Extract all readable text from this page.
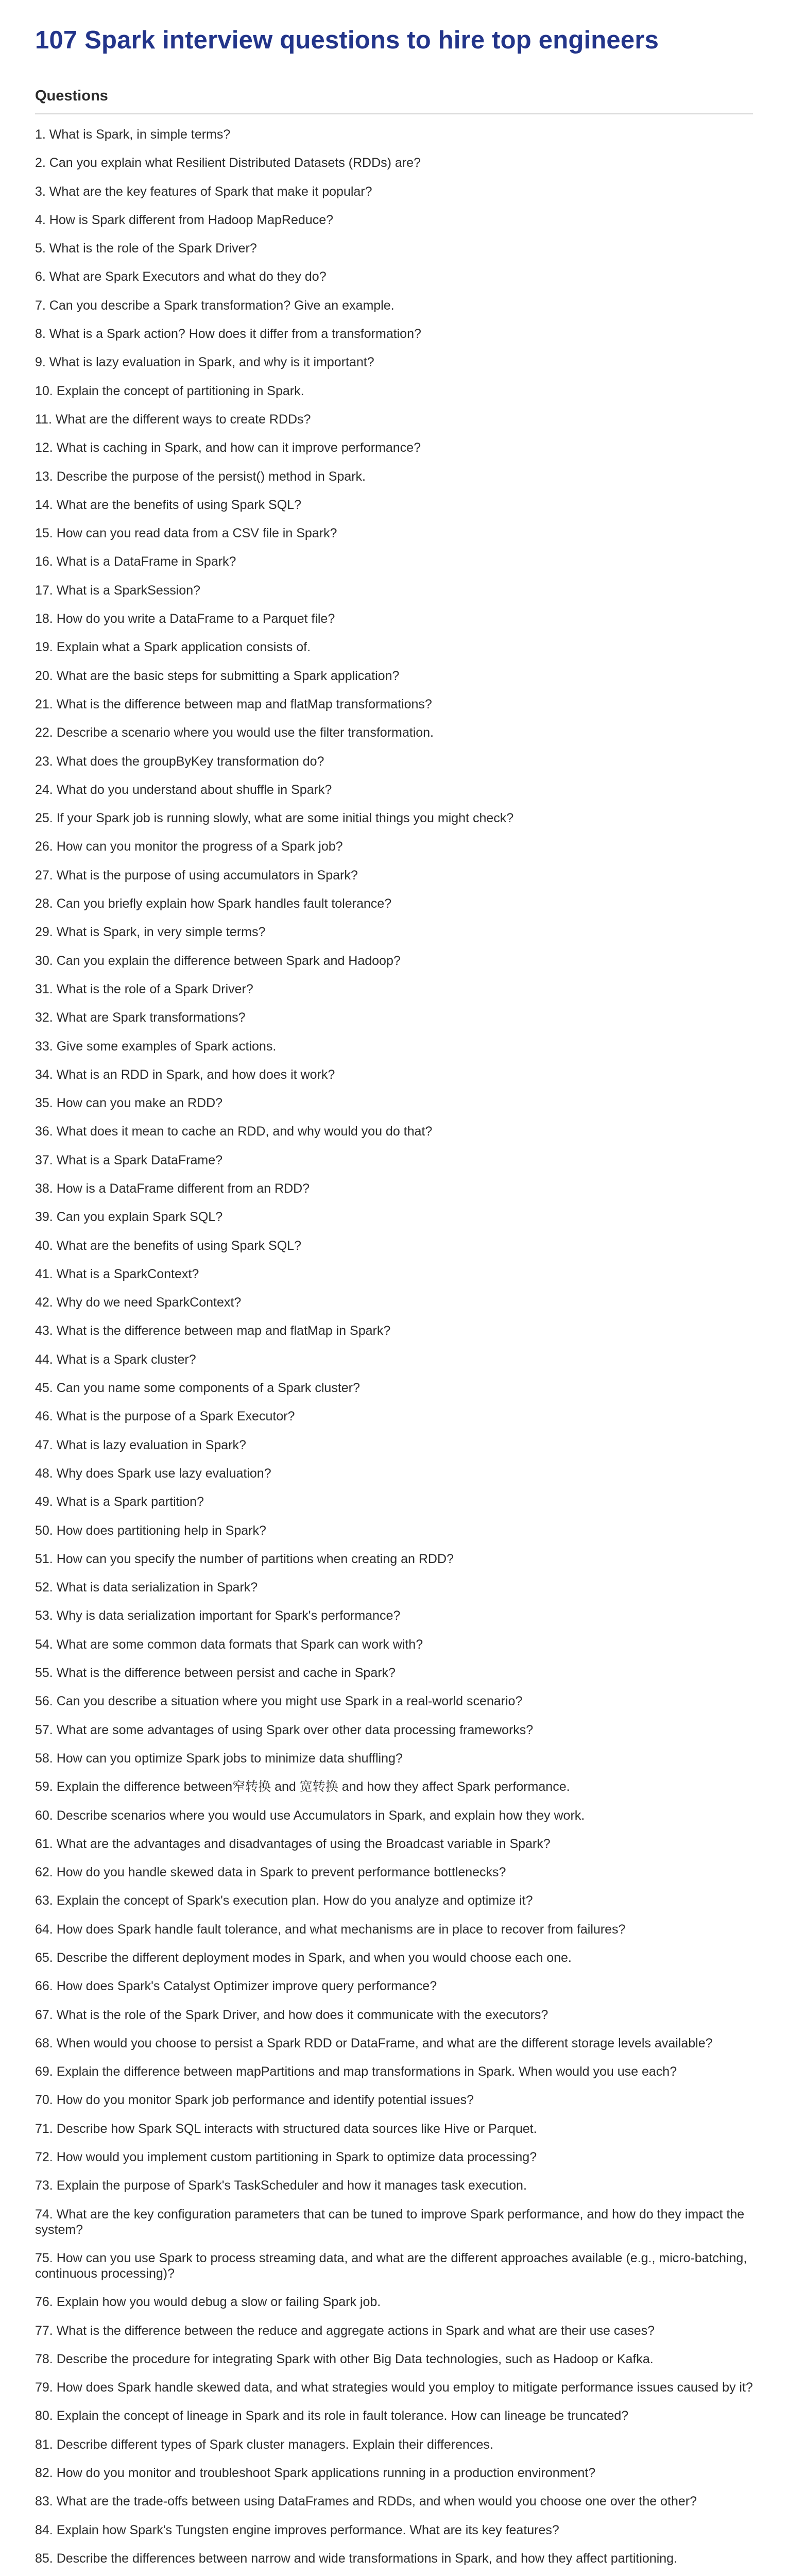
107 Spark interview questions to hire top engineers
Questions
1. What is Spark, in simple terms?
2. Can you explain what Resilient Distributed Datasets (RDDs) are?
3. What are the key features of Spark that make it popular?
4. How is Spark different from Hadoop MapReduce?
5. What is the role of the Spark Driver?
6. What are Spark Executors and what do they do?
7. Can you describe a Spark transformation? Give an example.
8. What is a Spark action? How does it differ from a transformation?
9. What is lazy evaluation in Spark, and why is it important?
10. Explain the concept of partitioning in Spark.
11. What are the different ways to create RDDs?
12. What is caching in Spark, and how can it improve performance?
13. Describe the purpose of the persist() method in Spark.
14. What are the benefits of using Spark SQL?
15. How can you read data from a CSV file in Spark?
16. What is a DataFrame in Spark?
17. What is a SparkSession?
18. How do you write a DataFrame to a Parquet file?
19. Explain what a Spark application consists of.
20. What are the basic steps for submitting a Spark application?
21. What is the difference between map and flatMap transformations?
22. Describe a scenario where you would use the filter transformation.
23. What does the groupByKey transformation do?
24. What do you understand about shuffle in Spark?
25. If your Spark job is running slowly, what are some initial things you might check?
26. How can you monitor the progress of a Spark job?
27. What is the purpose of using accumulators in Spark?
28. Can you briefly explain how Spark handles fault tolerance?
29. What is Spark, in very simple terms?
30. Can you explain the difference between Spark and Hadoop?
31. What is the role of a Spark Driver?
32. What are Spark transformations?
33. Give some examples of Spark actions.
34. What is an RDD in Spark, and how does it work?
35. How can you make an RDD?
36. What does it mean to cache an RDD, and why would you do that?
37. What is a Spark DataFrame?
38. How is a DataFrame different from an RDD?
39. Can you explain Spark SQL?
40. What are the benefits of using Spark SQL?
41. What is a SparkContext?
42. Why do we need SparkContext?
43. What is the difference between map and flatMap in Spark?
44. What is a Spark cluster?
45. Can you name some components of a Spark cluster?
46. What is the purpose of a Spark Executor?
47. What is lazy evaluation in Spark?
48. Why does Spark use lazy evaluation?
49. What is a Spark partition?
50. How does partitioning help in Spark?
51. How can you specify the number of partitions when creating an RDD?
52. What is data serialization in Spark?
53. Why is data serialization important for Spark's performance?
54. What are some common data formats that Spark can work with?
55. What is the difference between persist and cache in Spark?
56. Can you describe a situation where you might use Spark in a real-world scenario?
57. What are some advantages of using Spark over other data processing frameworks?
58. How can you optimize Spark jobs to minimize data shuffling?
59. Explain the difference between窄转换 and 宽转换 and how they affect Spark performance.
60. Describe scenarios where you would use Accumulators in Spark, and explain how they work.
61. What are the advantages and disadvantages of using the Broadcast variable in Spark?
62. How do you handle skewed data in Spark to prevent performance bottlenecks?
63. Explain the concept of Spark's execution plan. How do you analyze and optimize it?
64. How does Spark handle fault tolerance, and what mechanisms are in place to recover from failures?
65. Describe the different deployment modes in Spark, and when you would choose each one.
66. How does Spark's Catalyst Optimizer improve query performance?
67. What is the role of the Spark Driver, and how does it communicate with the executors?
68. When would you choose to persist a Spark RDD or DataFrame, and what are the different storage levels available?
69. Explain the difference between mapPartitions and map transformations in Spark. When would you use each?
70. How do you monitor Spark job performance and identify potential issues?
71. Describe how Spark SQL interacts with structured data sources like Hive or Parquet.
72. How would you implement custom partitioning in Spark to optimize data processing?
73. Explain the purpose of Spark's TaskScheduler and how it manages task execution.
74. What are the key configuration parameters that can be tuned to improve Spark performance, and how do they impact the system?
75. How can you use Spark to process streaming data, and what are the different approaches available (e.g., micro-batching, continuous processing)?
76. Explain how you would debug a slow or failing Spark job.
77. What is the difference between the reduce and aggregate actions in Spark and what are their use cases?
78. Describe the procedure for integrating Spark with other Big Data technologies, such as Hadoop or Kafka.
79. How does Spark handle skewed data, and what strategies would you employ to mitigate performance issues caused by it?
80. Explain the concept of lineage in Spark and its role in fault tolerance. How can lineage be truncated?
81. Describe different types of Spark cluster managers. Explain their differences.
82. How do you monitor and troubleshoot Spark applications running in a production environment?
83. What are the trade-offs between using DataFrames and RDDs, and when would you choose one over the other?
84. Explain how Spark's Tungsten engine improves performance. What are its key features?
85. Describe the differences between narrow and wide transformations in Spark, and how they affect partitioning.
